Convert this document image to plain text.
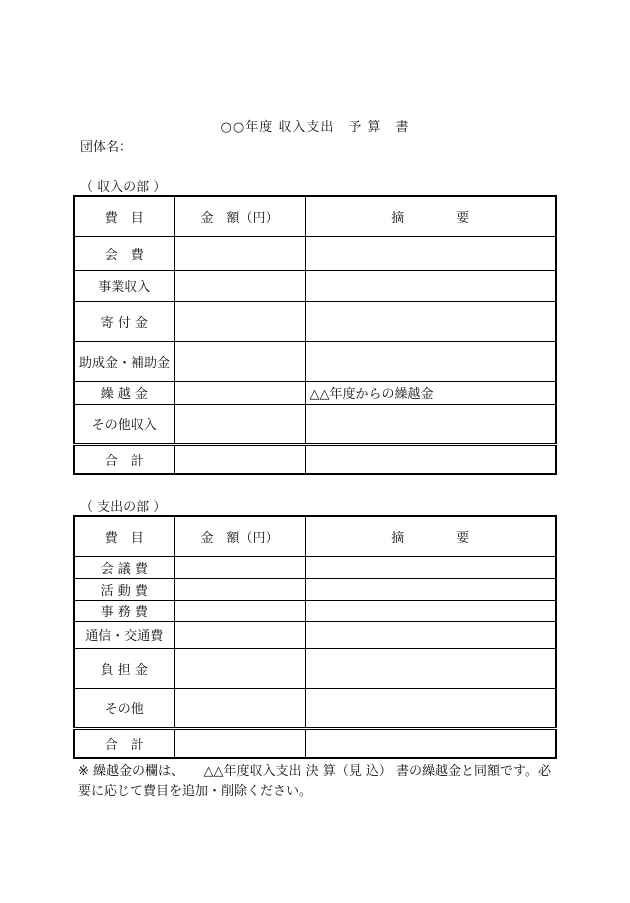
○○年度 収入支出　予 算　書
団体名：
（ 収入の部 ）
費　目	金　額（円）	摘　　　　要
会　費		
事業収入		
寄 付 金		
助成金・補助金		
繰 越 金		△△年度からの繰越金
その他収入		
合　計		
（ 支出の部 ）
費　目	金　額（円）	摘　　　　要
会 議 費		
活 動 費		
事 務 費		
通信・交通費		
負 担 金		
その他		
合　計		
※ 繰越金の欄は、　　△△年度収入支出 決 算（見 込） 書の繰越金と同額です。必要に応じて費目を追加・削除ください。
